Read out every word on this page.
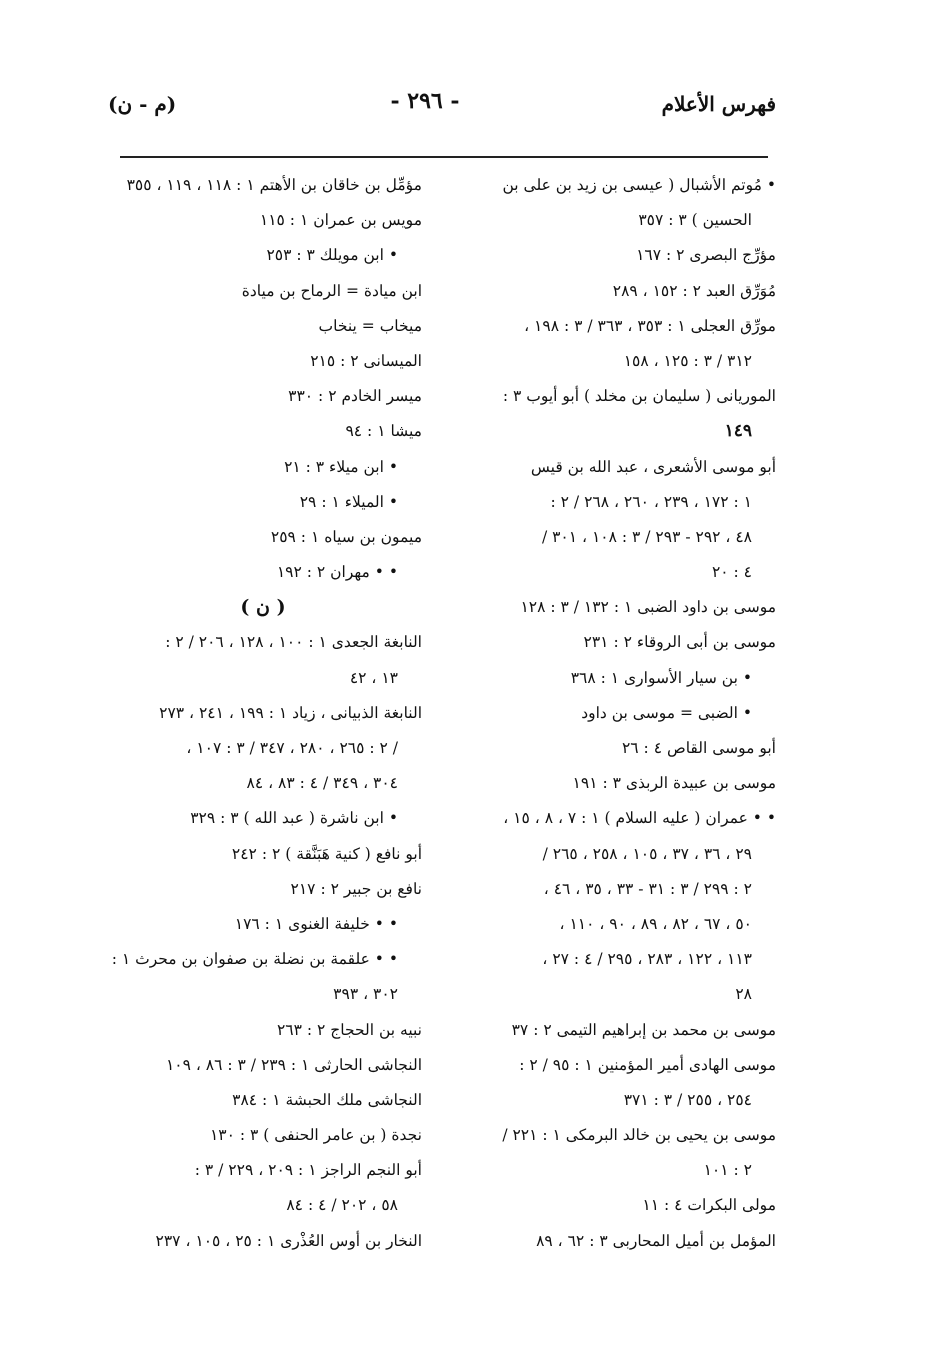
فهرس الأعلام
- ٢٩٦ -
(م - ن)
• مُوتم الأشبال ( عيسى بن زيد بن على بن
الحسين ) ٣ : ٣٥٧
مؤرِّج البصرى ٢ : ١٦٧
مُوَرِّق العبد ٢ : ١٥٢ ، ٢٨٩
مورِّق العجلى ١ : ٣٥٣ ، ٣٦٣ / ٣ : ١٩٨ ،
٣١٢ / ٣ : ١٢٥ ، ١٥٨
الموريانى ( سليمان بن مخلد ) أبو أيوب ٣ :
١٤٩
أبو موسى الأشعرى ، عبد الله بن قيس
١ : ١٧٢ ، ٢٣٩ ، ٢٦٠ ، ٢٦٨ / ٢ :
٤٨ ، ٢٩٢ - ٢٩٣ / ٣ : ١٠٨ ، ٣٠١ /
٤ : ٢٠
موسى بن داود الضبى ١ : ١٣٢ / ٣ : ١٢٨
موسى بن أبى الروقاء ٢ : ٢٣١
• بن سيار الأسوارى ١ : ٣٦٨
• الضبى = موسى بن داود
أبو موسى القاص ٤ : ٢٦
موسى بن عبيدة الربذى ٣ : ١٩١
• • عمران ( عليه السلام ) ١ : ٧ ، ٨ ، ١٥ ،
٢٩ ، ٣٦ ، ٣٧ ، ١٠٥ ، ٢٥٨ ، ٢٦٥ /
٢ : ٢٩٩ / ٣ : ٣١ - ٣٣ ، ٣٥ ، ٤٦ ،
٥٠ ، ٦٧ ، ٨٢ ، ٨٩ ، ٩٠ ، ١١٠ ،
١١٣ ، ١٢٢ ، ٢٨٣ ، ٢٩٥ / ٤ : ٢٧ ،
٢٨
موسى بن محمد بن إبراهيم التيمى ٢ : ٣٧
موسى الهادى أمير المؤمنين ١ : ٩٥ / ٢ :
٢٥٤ ، ٢٥٥ / ٣ : ٣٧١
موسى بن يحيى بن خالد البرمكى ١ : ٢٢١ /
٢ : ١٠١
مولى البكرات ٤ : ١١
المؤمل بن أميل المحاربى ٣ : ٦٢ ، ٨٩
مؤمِّل بن خاقان بن الأهتم ١ : ١١٨ ، ١١٩ ، ٣٥٥
مويس بن عمران ١ : ١١٥
• ابن مويلك ٣ : ٢٥٣
ابن ميادة = الرماح بن ميادة
ميخاب = ينخاب
الميسانى ٢ : ٢١٥
ميسر الخادم ٢ : ٣٣٠
ميشا ١ : ٩٤
• ابن ميلاء ٣ : ٢١
• الميلاء ١ : ٢٩
ميمون بن سياه ١ : ٢٥٩
• • مهران ٢ : ١٩٢
( ن )
النابغة الجعدى ١ : ١٠٠ ، ١٢٨ ، ٢٠٦ / ٢ :
١٣ ، ٤٢
النابغة الذبيانى ، زياد ١ : ١٩٩ ، ٢٤١ ، ٢٧٣
/ ٢ : ٢٦٥ ، ٢٨٠ ، ٣٤٧ / ٣ : ١٠٧ ،
٣٠٤ ، ٣٤٩ / ٤ : ٨٣ ، ٨٤
• ابن ناشرة ( عبد الله ) ٣ : ٣٢٩
أبو نافع ( كنية هَبَنَّقة ) ٢ : ٢٤٢
نافع بن جبير ٢ : ٢١٧
• • خليفة الغنوى ١ : ١٧٦
• • علقمة بن نضلة بن صفوان بن محرث ١ :
٣٠٢ ، ٣٩٣
نبيه بن الحجاج ٢ : ٢٦٣
النجاشى الحارثى ١ : ٢٣٩ / ٣ : ٨٦ ، ١٠٩
النجاشى ملك الحبشة ١ : ٣٨٤
نجدة ( بن عامر الحنفى ) ٣ : ١٣٠
أبو النجم الراجز ١ : ٢٠٩ ، ٢٢٩ / ٣ :
٥٨ ، ٢٠٢ / ٤ : ٨٤
النخار بن أوس العُذْرى ١ : ٢٥ ، ١٠٥ ، ٢٣٧
